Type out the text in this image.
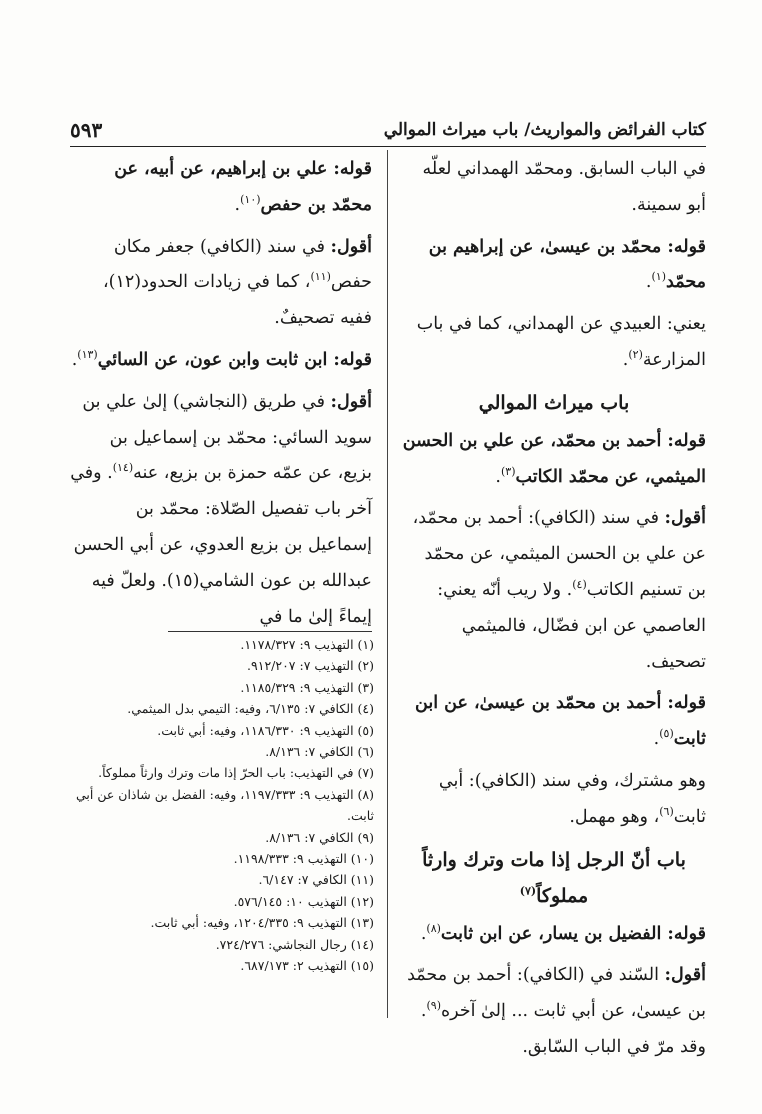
كتاب الفرائض والمواريث/ باب ميراث الموالي
٥٩٣

في الباب السابق. ومحمّد الهمداني لعلّه أبو سمينة.

قوله: محمّد بن عيسىٰ، عن إبراهيم بن محمّد$^{(١)}$.

يعني: العبيدي عن الهمداني، كما في باب المزارعة$^{(٢)}$.

باب ميراث الموالي

قوله: أحمد بن محمّد، عن علي بن الحسن الميثمي، عن محمّد الكاتب$^{(٣)}$.

أقول: في سند (الكافي): أحمد بن محمّد، عن علي بن الحسن الميثمي، عن محمّد بن تسنيم الكاتب$^{(٤)}$. ولا ريب أنّه يعني: العاصمي عن ابن فضّال، فالميثمي تصحيف.

قوله: أحمد بن محمّد بن عيسىٰ، عن ابن ثابت$^{(٥)}$.

وهو مشترك، وفي سند (الكافي): أبي ثابت$^{(٦)}$، وهو مهمل.

باب أنّ الرجل إذا مات وترك وارثاً مملوكاً$^{(٧)}$

قوله: الفضيل بن يسار، عن ابن ثابت$^{(٨)}$.

أقول: السّند في (الكافي): أحمد بن محمّد بن عيسىٰ، عن أبي ثابت ... إلىٰ آخره$^{(٩)}$. وقد مرّ في الباب السّابق.

قوله: علي بن إبراهيم، عن أبيه، عن محمّد بن حفص$^{(١٠)}$.

أقول: في سند (الكافي) جعفر مكان حفص$^{(١١)}$، كما في زيادات الحدود(١٢)، ففيه تصحيفٌ.

قوله: ابن ثابت وابن عون، عن السائي$^{(١٣)}$.

أقول: في طريق (النجاشي) إلىٰ علي بن سويد السائي: محمّد بن إسماعيل بن بزيع، عن عمّه حمزة بن بزيع، عنه$^{(١٤)}$. وفي آخر باب تفصيل الصّلاة: محمّد بن إسماعيل بن بزيع العدوي، عن أبي الحسن عبدالله بن عون الشامي(١٥). ولعلّ فيه إيماءً إلىٰ ما في

(١) التهذيب ٩: ١١٧٨/٣٢٧.
(٢) التهذيب ٧: ٩١٢/٢٠٧.
(٣) التهذيب ٩: ١١٨٥/٣٢٩.
(٤) الكافي ٧: ٦/١٣٥، وفيه: التيمي بدل الميثمي.
(٥) التهذيب ٩: ١١٨٦/٣٣٠، وفيه: أبي ثابت.
(٦) الكافي ٧: ٨/١٣٦.
(٧) في التهذيب: باب الحرّ إذا مات وترك وارثاً مملوكاً.
(٨) التهذيب ٩: ١١٩٧/٣٣٣، وفيه: الفضل بن شاذان عن أبي ثابت.
(٩) الكافي ٧: ٨/١٣٦.
(١٠) التهذيب ٩: ١١٩٨/٣٣٣.
(١١) الكافي ٧: ٦/١٤٧.
(١٢) التهذيب ١٠: ٥٧٦/١٤٥.
(١٣) التهذيب ٩: ١٢٠٤/٣٣٥، وفيه: أبي ثابت.
(١٤) رجال النجاشي: ٧٢٤/٢٧٦.
(١٥) التهذيب ٢: ٦٨٧/١٧٣.
